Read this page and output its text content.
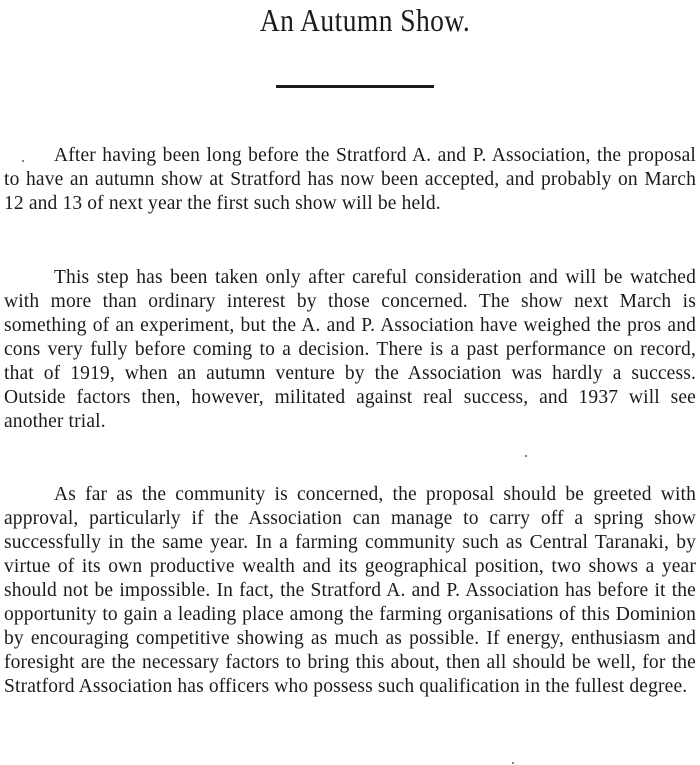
An Autumn Show.

After having been long before the Stratford A. and P. Association, the proposal to have an autumn show at Stratford has now been accepted, and probably on March 12 and 13 of next year the first such show will be held.

This step has been taken only after careful consideration and will be watched with more than ordinary interest by those concerned. The show next March is something of an experiment, but the A. and P. Association have weighed the pros and cons very fully before coming to a decision. There is a past performance on record, that of 1919, when an autumn venture by the Association was hardly a success. Outside factors then, however, militated against real success, and 1937 will see another trial.

As far as the community is concerned, the proposal should be greeted with approval, particularly if the Association can manage to carry off a spring show successfully in the same year. In a farming community such as Central Taranaki, by virtue of its own productive wealth and its geographical position, two shows a year should not be impossible. In fact, the Stratford A. and P. Association has before it the opportunity to gain a leading place among the farming organisations of this Dominion by encouraging competitive showing as much as possible. If energy, enthusiasm and foresight are the necessary factors to bring this about, then all should be well, for the Stratford Association has officers who possess such qualification in the fullest degree.
